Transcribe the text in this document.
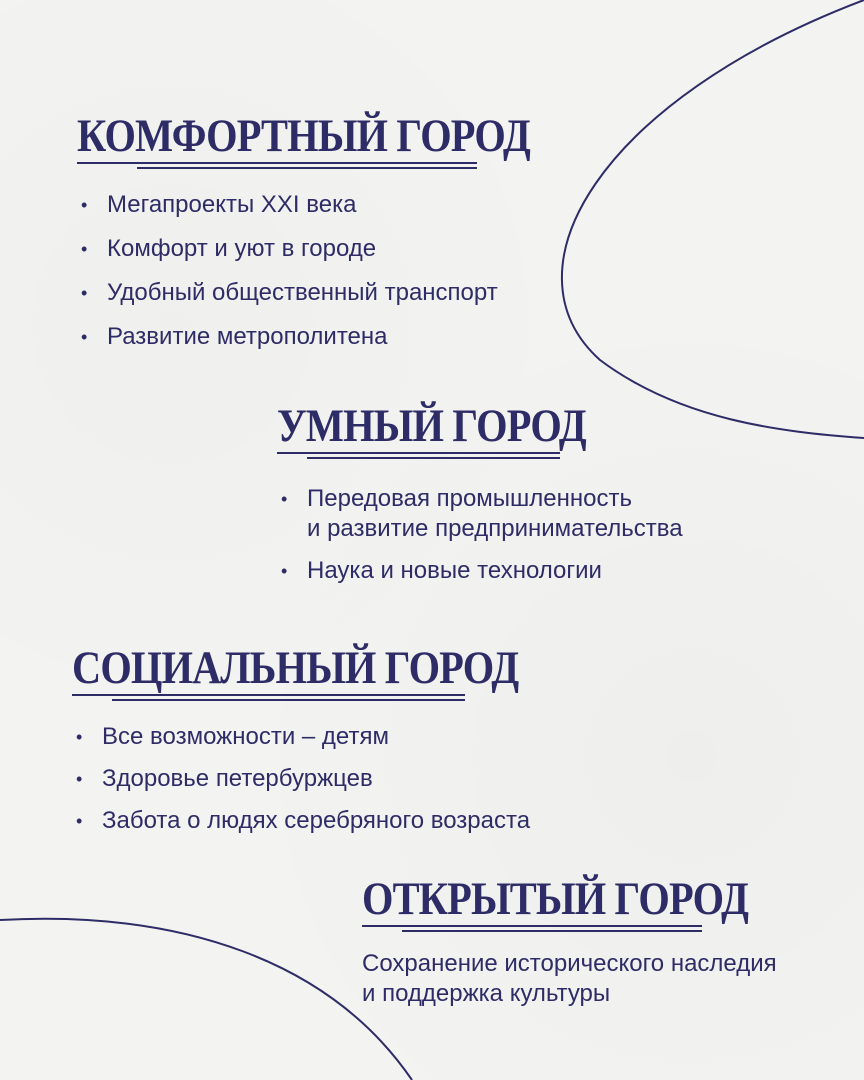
КОМФОРТНЫЙ ГОРОД
• Мегапроекты XXI века
• Комфорт и уют в городе
• Удобный общественный транспорт
• Развитие метрополитена
УМНЫЙ ГОРОД
• Передовая промышленность
и развитие предпринимательства
• Наука и новые технологии
СОЦИАЛЬНЫЙ ГОРОД
• Все возможности – детям
• Здоровье петербуржцев
• Забота о людях серебряного возраста
ОТКРЫТЫЙ ГОРОД
Сохранение исторического наследия
и поддержка культуры
